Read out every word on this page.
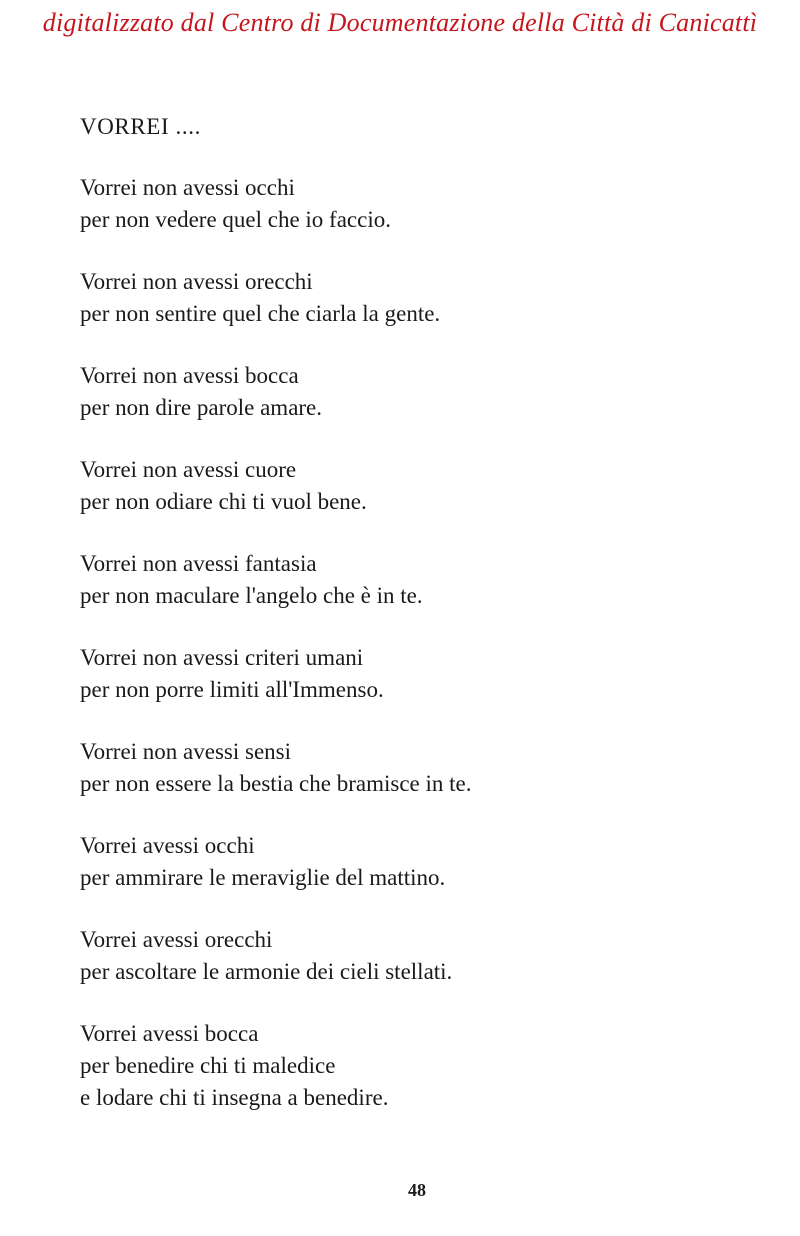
digitalizzato dal Centro di Documentazione della Città di Canicattì
VORREI ....
Vorrei non avessi occhi
per non vedere quel che io faccio.
Vorrei non avessi orecchi
per non sentire quel che ciarla la gente.
Vorrei non avessi bocca
per non dire parole amare.
Vorrei non avessi cuore
per non odiare chi ti vuol bene.
Vorrei non avessi fantasia
per non maculare l'angelo che è in te.
Vorrei non avessi criteri umani
per non porre limiti all'Immenso.
Vorrei non avessi sensi
per non essere la bestia che bramisce in te.
Vorrei avessi occhi
per ammirare le meraviglie del mattino.
Vorrei avessi orecchi
per ascoltare le armonie dei cieli stellati.
Vorrei avessi bocca
per benedire chi ti maledice
e lodare chi ti insegna a benedire.
48
